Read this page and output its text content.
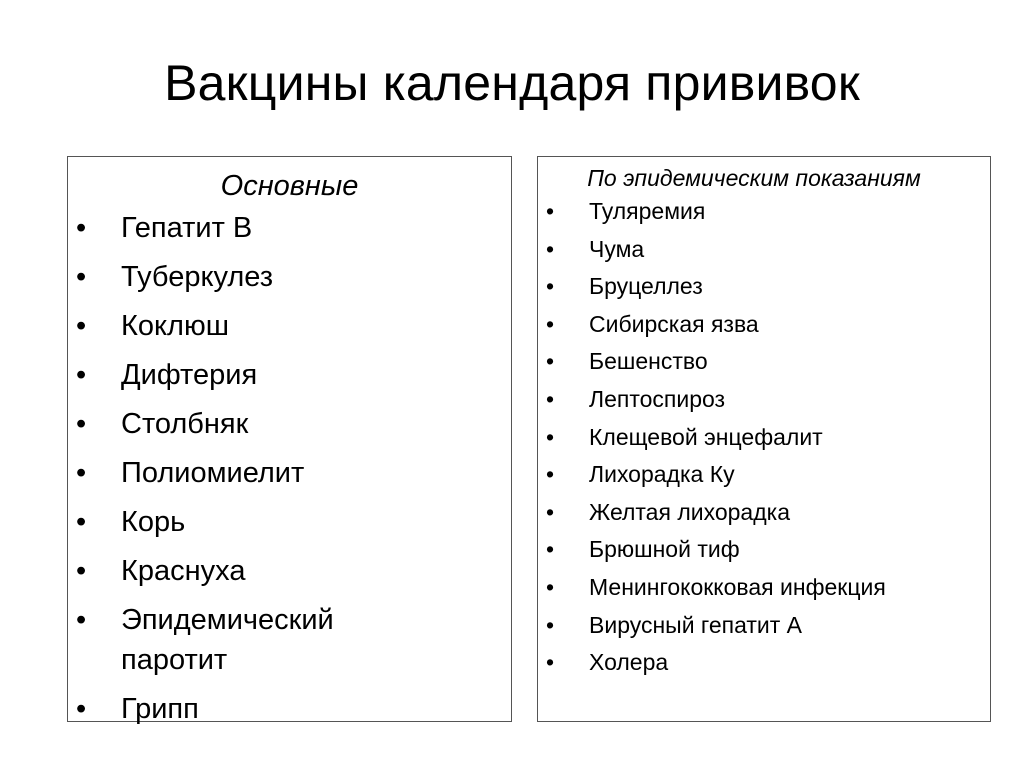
Вакцины календаря прививок
Основные
•	Гепатит В
•	Туберкулез
•	Коклюш
•	Дифтерия
•	Столбняк
•	Полиомиелит
•	Корь
•	Краснуха
•	Эпидемический паротит
•	Грипп
По эпидемическим показаниям
•	Туляремия
•	Чума
•	Бруцеллез
•	Сибирская язва
•	Бешенство
•	Лептоспироз
•	Клещевой энцефалит
•	Лихорадка Ку
•	Желтая лихорадка
•	Брюшной тиф
•	Менингококковая инфекция
•	Вирусный гепатит А
•	Холера
